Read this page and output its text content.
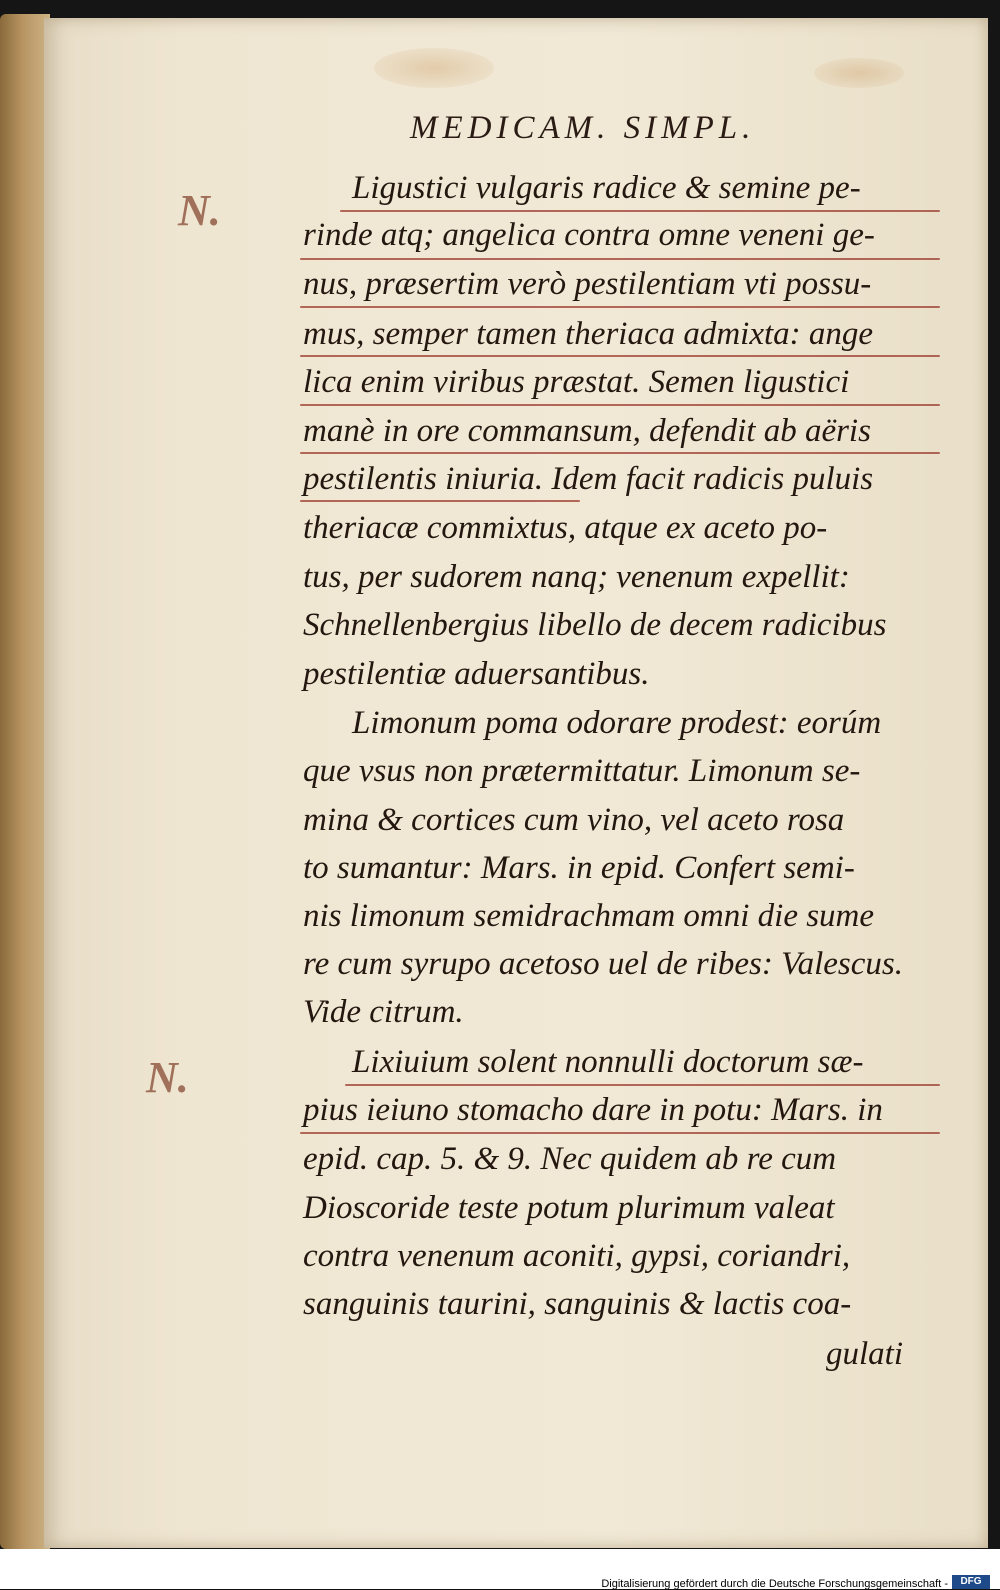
MEDICAM. SIMPL.
N.
N.
Ligustici vulgaris radice & semine pe-
rinde atq; angelica contra omne veneni ge-
nus, præsertim verò pestilentiam vti possu-
mus, semper tamen theriaca admixta: ange
lica enim viribus præstat. Semen ligustici
manè in ore commansum, defendit ab aëris
pestilentis iniuria. Idem facit radicis puluis
theriacæ commixtus, atque ex aceto po-
tus, per sudorem nanq; venenum expellit:
Schnellenbergius libello de decem radicibus
pestilentiæ aduersantibus.
Limonum poma odorare prodest: eorúm
que vsus non prætermittatur. Limonum se-
mina & cortices cum vino, vel aceto rosa
to sumantur: Mars. in epid. Confert semi-
nis limonum semidrachmam omni die sume
re cum syrupo acetoso uel de ribes: Valescus.
Vide citrum.
Lixiuium solent nonnulli doctorum sæ-
pius ieiuno stomacho dare in potu: Mars. in
epid. cap. 5. & 9. Nec quidem ab re cum
Dioscoride teste potum plurimum valeat
contra venenum aconiti, gypsi, coriandri,
sanguinis taurini, sanguinis & lactis coa-
gulati
Digitalisierung gefördert durch die Deutsche Forschungsgemeinschaft -	DFG
